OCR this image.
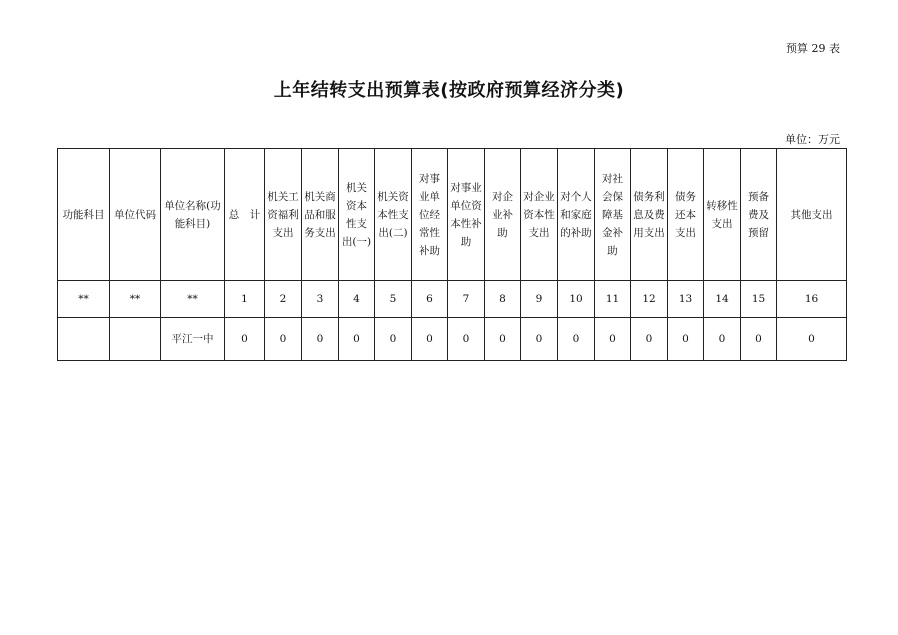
预算 29 表
上年结转支出预算表(按政府预算经济分类)
单位：万元
功能科目	单位代码	单位名称(功能科目)	总　计	机关工资福利支出	机关商品和服务支出	机关资本性支出(一)	机关资本性支出(二)	对事业单位经常性补助	对事业单位资本性补助	对企业补助	对企业资本性支出	对个人和家庭的补助	对社会保障基金补助	债务利息及费用支出	债务还本支出	转移性支出	预备费及预留	其他支出
**	**	**	1	2	3	4	5	6	7	8	9	10	11	12	13	14	15	16
		平江一中	0	0	0	0	0	0	0	0	0	0	0	0	0	0	0	0
